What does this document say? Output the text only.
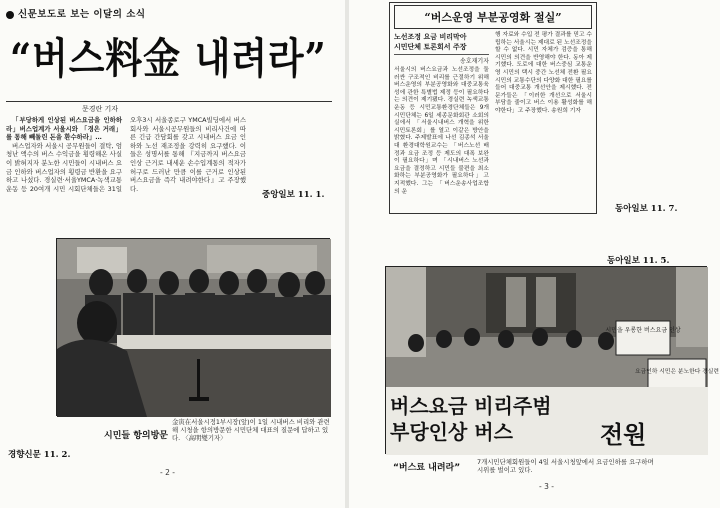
신문보도로 보는 이달의 소식
“버스料金 내려라”
문경란 기자

「부당하게 인상된 버스요금을 인하하라」버스업계가 서울시와 「경은 거래」를 통해 빼돌린 돈을 환수하라」…

버스업자와 서울시 공무원들이 결탁, 엄청난 액수의 버스 수익금을 횡령해온 사실이 밝혀지자 분노한 시민들이 시내버스 요금 인하와 버스업자의 횡령금 반환을 요구하고 나섰다. 경실련·서울YMCA·녹색교통운동 등 20여개 시민 시회단체들은 31일 오후3시 서울종로구 YMCA빌딩에서 버스회사와 서울시공무원들의 비리사건에 따른 긴급 간담회를 갖고 시내버스 요금 인하와 노선 재조정을 강력히 요구했다. 이들은 성명서를 통해 『지금까지 버스요금 인상 근거로 내세운 손수입계통의 적자가 허구로 드러난 만큼 이를 근거로 인상된 버스요금을 즉각 내려야한다』고 주장했다.

중앙일보 11. 1.
시민들 항의방문
金寅在서울시정1부시장(앞)이 1일 시내버스 비리와 관련해 시청을 항의방문한 시민단체 대표의 질문에 답하고 있다. 〈高明燮기자〉
경향신문 11. 2.
- 2 -
“버스운영 부분공영화 절실”
노선조정 요금 비리막아
시민단체 토론회서 주장
송호재기자
서울시의 버스요금과 노선조정을 둘러싼 구조적인 비리를 근절하기 위해 버스운영의 부분공영화와 대중교통육성에 관한 특별법 제정 등이 필요하다는 의견이 제기됐다. 경실련 녹색교통운동 등 시민교통환경단체들은 9개 시민단체는 6일 세종문화회관 소회의실에서 「서울시내버스 개혁을 위한 시민토론회」를 열고 이같은 방안을 밝혔다. 주제발표에 나선 김종석 서울대 환경대학원교수는 「버스노선 배정과 요금 조정 등 제도의 대폭 보완이 필요하다」며 「시내버스 노선과 요금을 결정하고 시민들 불편을 최소화하는 부분공영화가 필요하다」고 지적했다. 그는 「버스운송사업조합의 운
행 자료와 수입 전 평가 결과를 믿고 수립하는 서울시는 제대로 된 노선조정을 할 수 없다. 시민 자체가 검증을 통해 시민의 의견을 반영해야 한다. 동아 제기했다. 도로에 대한 버스중심 교통운영 시민의 택시 중간 노선체 전환 필요 시민의 교통수단의 다양화 대한 필요를 들어 대중교통 개선안을 제시했다. 전문가들은 「이러한 개선으로 서울시 부담을 줄이고 버스 이용 활성화를 해야한다」고 주장했다. 송원희 기자
동아일보 11. 7.
동아일보 11. 5.
시민을 우롱한 버스요금 인상
요금인하 시민은 분노한다 경실련
버스요금 비리주범
부당인상 버스	전원
“버스료 내려라”
7개시민단체회원들이 4일 서울시청앞에서 요금인하를 요구하며 시위를 벌이고 있다.
- 3 -
